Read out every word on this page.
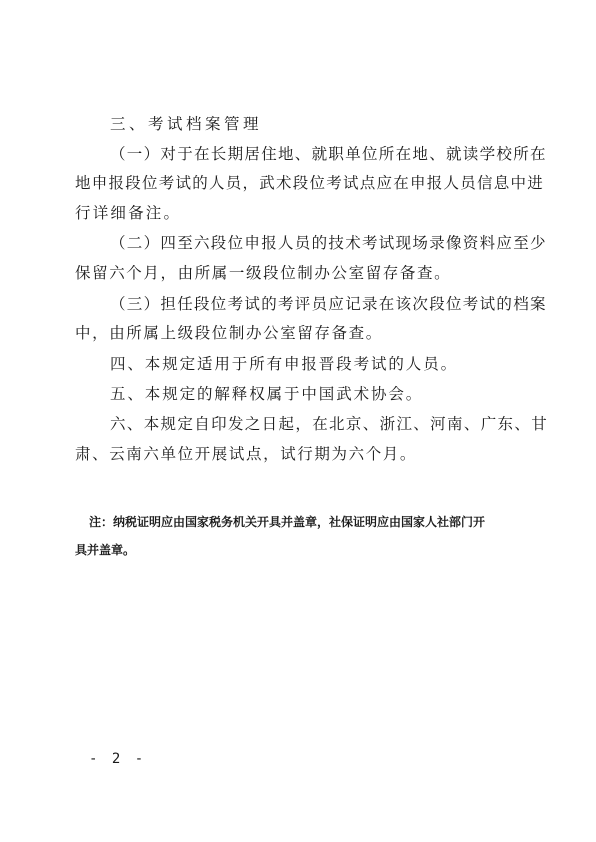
三、考试档案管理
（一）对于在长期居住地、就职单位所在地、就读学校所在
地申报段位考试的人员，武术段位考试点应在申报人员信息中进
行详细备注。
（二）四至六段位申报人员的技术考试现场录像资料应至少
保留六个月，由所属一级段位制办公室留存备查。
（三）担任段位考试的考评员应记录在该次段位考试的档案
中，由所属上级段位制办公室留存备查。
四、本规定适用于所有申报晋段考试的人员。
五、本规定的解释权属于中国武术协会。
六、本规定自印发之日起，在北京、浙江、河南、广东、甘
肃、云南六单位开展试点，试行期为六个月。
注：纳税证明应由国家税务机关开具并盖章，社保证明应由国家人社部门开
具并盖章。
- 2 -
